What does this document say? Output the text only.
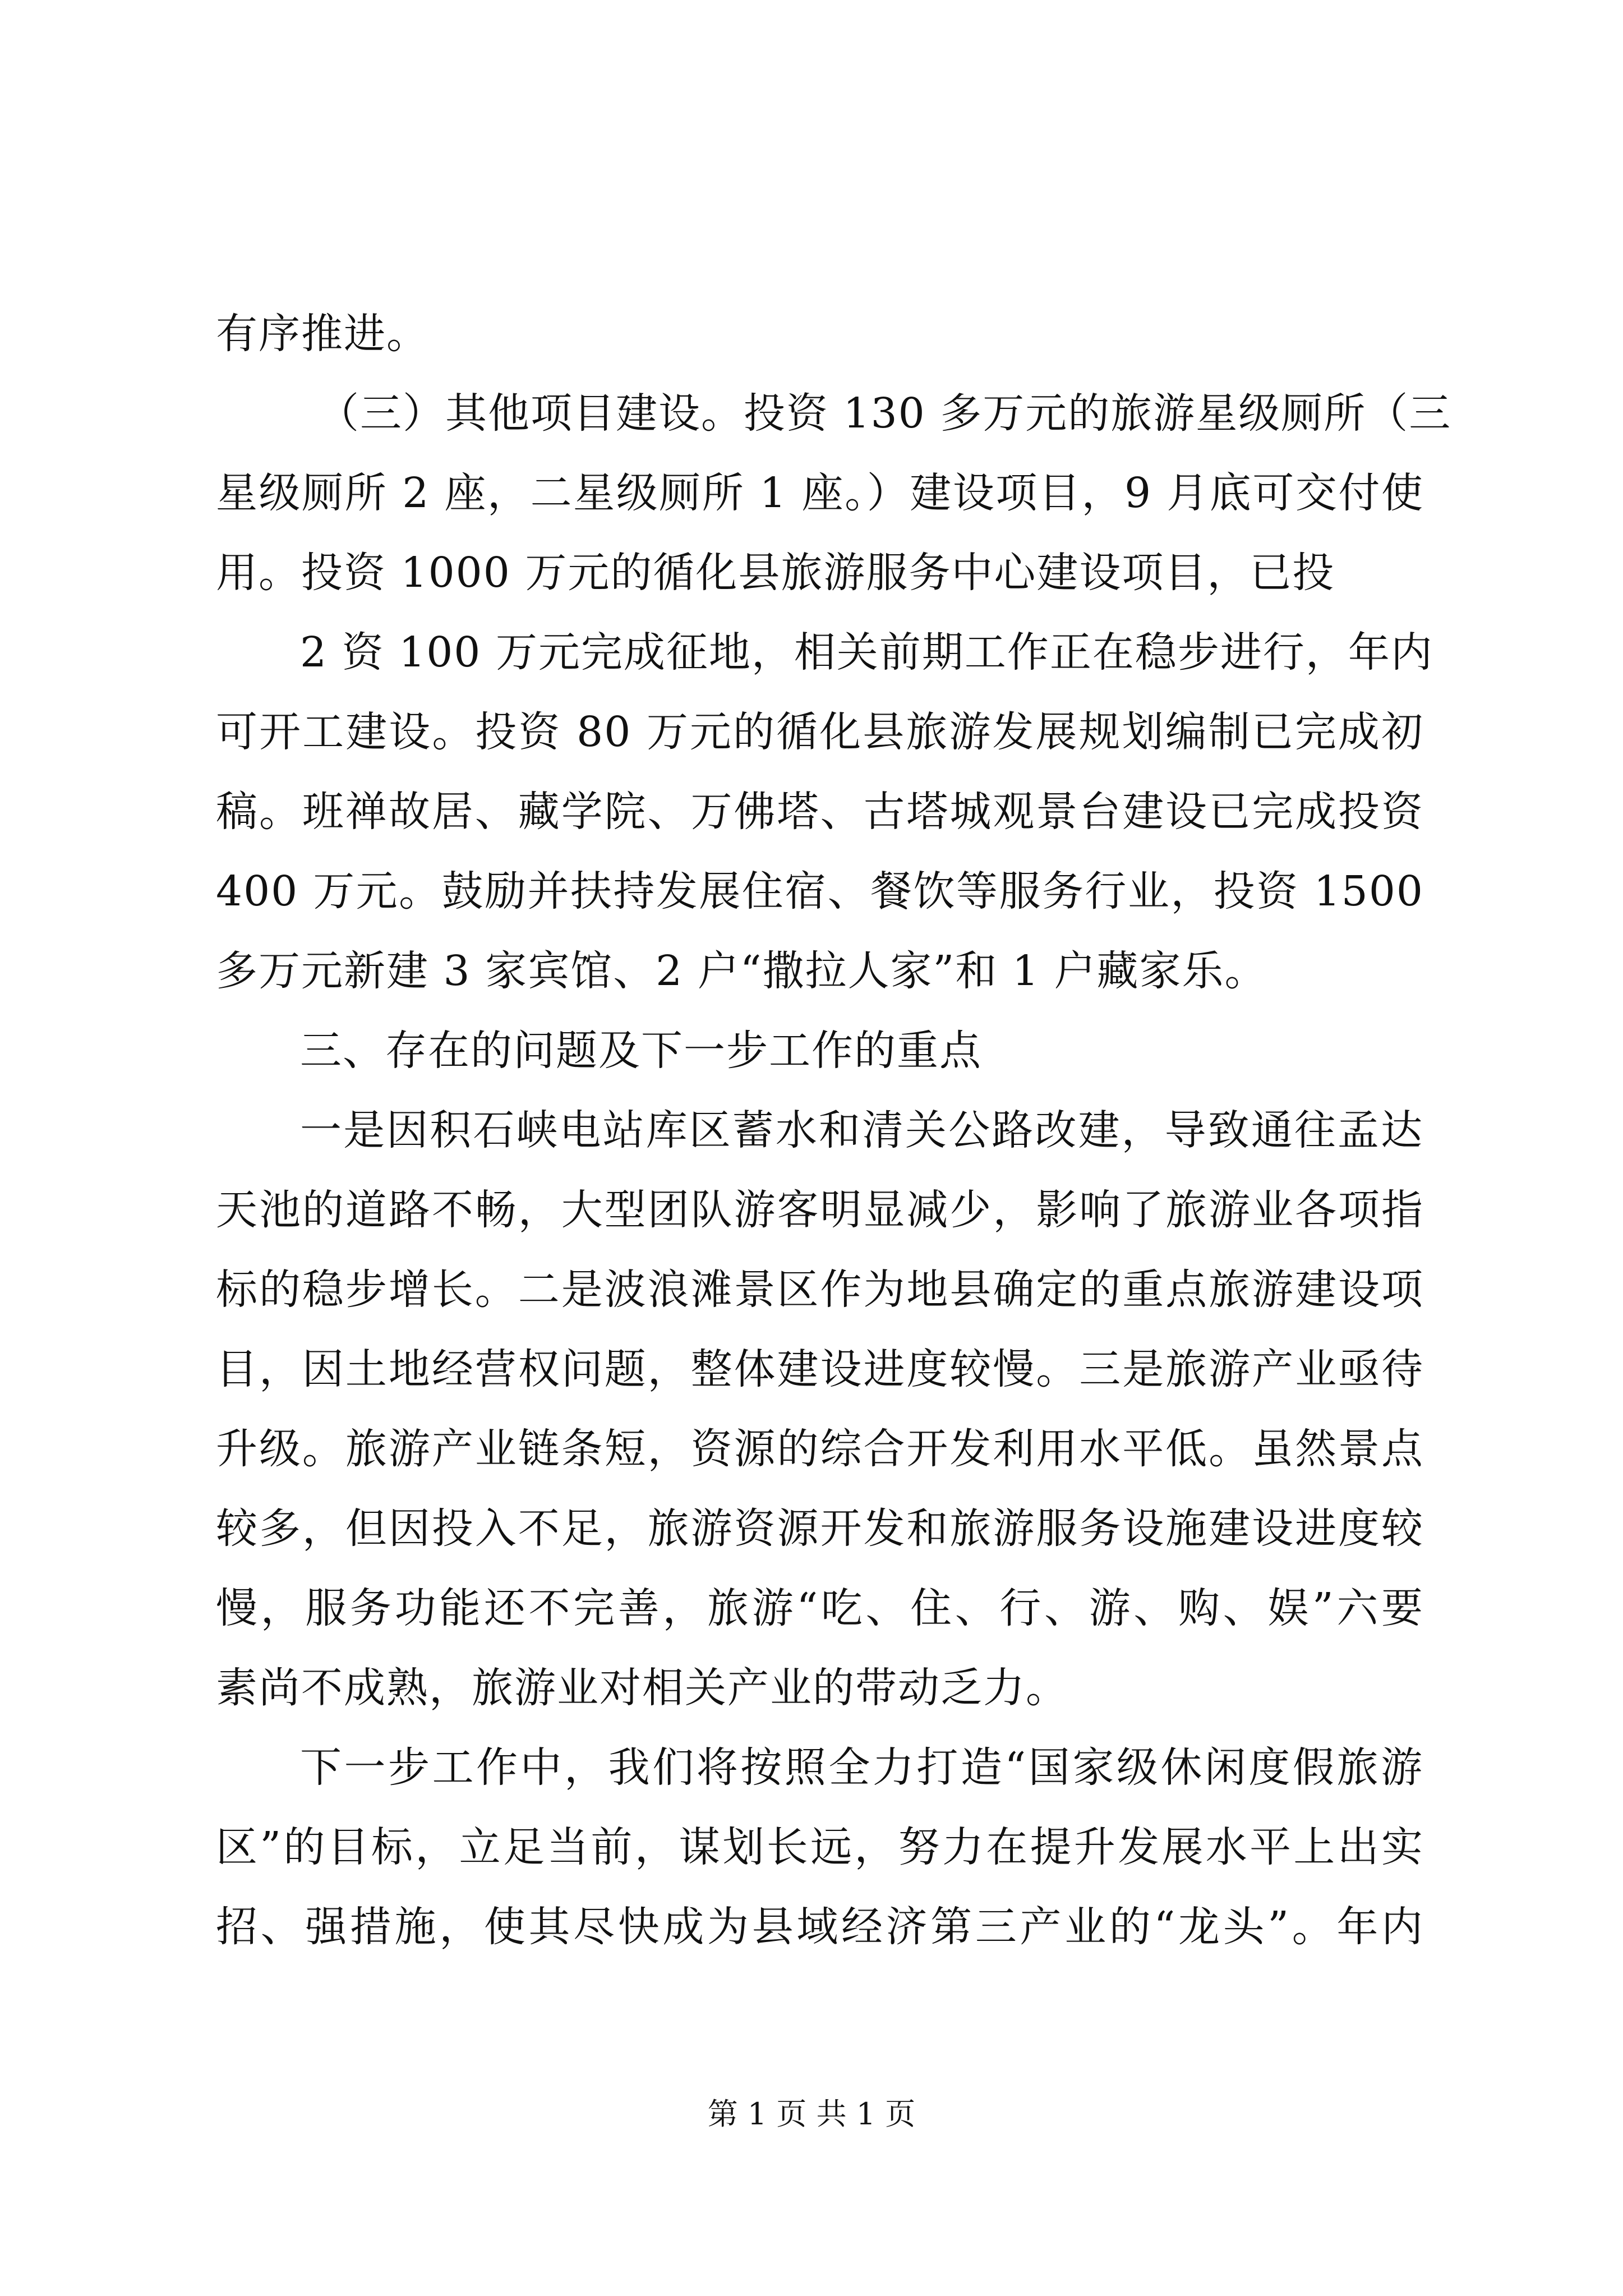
有序推进。
（三）其他项目建设。投资 130 多万元的旅游星级厕所（三
星级厕所 2 座，二星级厕所 1 座。）建设项目，9 月底可交付使
用。投资 1000 万元的循化县旅游服务中心建设项目，已投
2 资 100 万元完成征地，相关前期工作正在稳步进行，年内
可开工建设。投资 80 万元的循化县旅游发展规划编制已完成初
稿。班禅故居、藏学院、万佛塔、古塔城观景台建设已完成投资
400 万元。鼓励并扶持发展住宿、餐饮等服务行业，投资 1500
多万元新建 3 家宾馆、2 户“撒拉人家”和 1 户藏家乐。
三、存在的问题及下一步工作的重点
一是因积石峡电站库区蓄水和清关公路改建，导致通往孟达
天池的道路不畅，大型团队游客明显减少，影响了旅游业各项指
标的稳步增长。二是波浪滩景区作为地县确定的重点旅游建设项
目，因土地经营权问题，整体建设进度较慢。三是旅游产业亟待
升级。旅游产业链条短，资源的综合开发利用水平低。虽然景点
较多，但因投入不足，旅游资源开发和旅游服务设施建设进度较
慢，服务功能还不完善，旅游“吃、住、行、游、购、娱”六要
素尚不成熟，旅游业对相关产业的带动乏力。
下一步工作中，我们将按照全力打造“国家级休闲度假旅游
区”的目标，立足当前，谋划长远，努力在提升发展水平上出实
招、强措施，使其尽快成为县域经济第三产业的“龙头”。年内
第 1 页 共 1 页
